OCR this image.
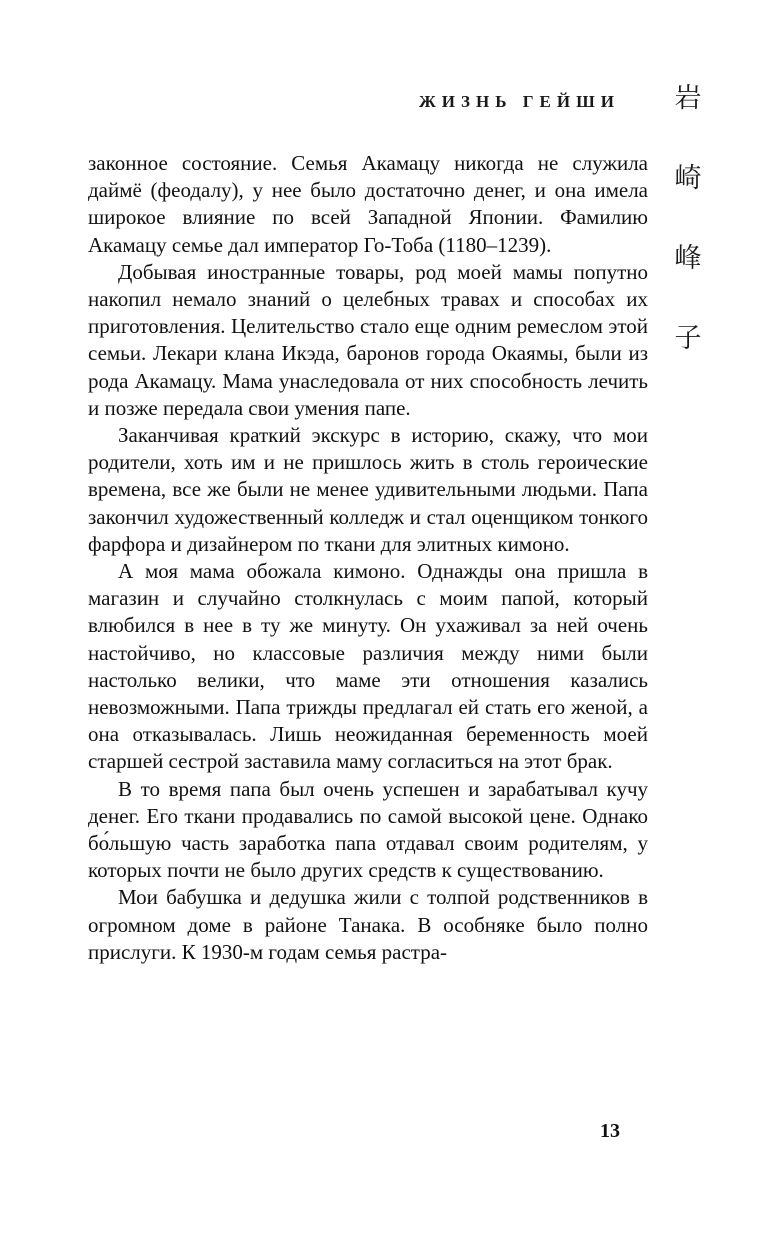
ЖИЗНЬ ГЕЙШИ 岩
崎
峰
子

законное состояние. Семья Акамацу никогда не служила даймё (феодалу), у нее было достаточно денег, и она имела широкое влияние по всей Западной Японии. Фамилию Акамацу семье дал император Го-Тоба (1180–1239).

Добывая иностранные товары, род моей мамы попутно накопил немало знаний о целебных травах и способах их приготовления. Целительство стало еще одним ремеслом этой семьи. Лекари клана Икэда, баронов города Окаямы, были из рода Акамацу. Мама унаследовала от них способность лечить и позже передала свои умения папе.

Заканчивая краткий экскурс в историю, скажу, что мои родители, хоть им и не пришлось жить в столь героические времена, все же были не менее удивительными людьми. Папа закончил художественный колледж и стал оценщиком тонкого фарфора и дизайнером по ткани для элитных кимоно.

А моя мама обожала кимоно. Однажды она пришла в магазин и случайно столкнулась с моим папой, который влюбился в нее в ту же минуту. Он ухаживал за ней очень настойчиво, но классовые различия между ними были настолько велики, что маме эти отношения казались невозможными. Папа трижды предлагал ей стать его женой, а она отказывалась. Лишь неожиданная беременность моей старшей сестрой заставила маму согласиться на этот брак.

В то время папа был очень успешен и зарабатывал кучу денег. Его ткани продавались по самой высокой цене. Однако бо́льшую часть заработка папа отдавал своим родителям, у которых почти не было других средств к существованию.

Мои бабушка и дедушка жили с толпой родственников в огромном доме в районе Танака. В особняке было полно прислуги. К 1930-м годам семья растра-

13
